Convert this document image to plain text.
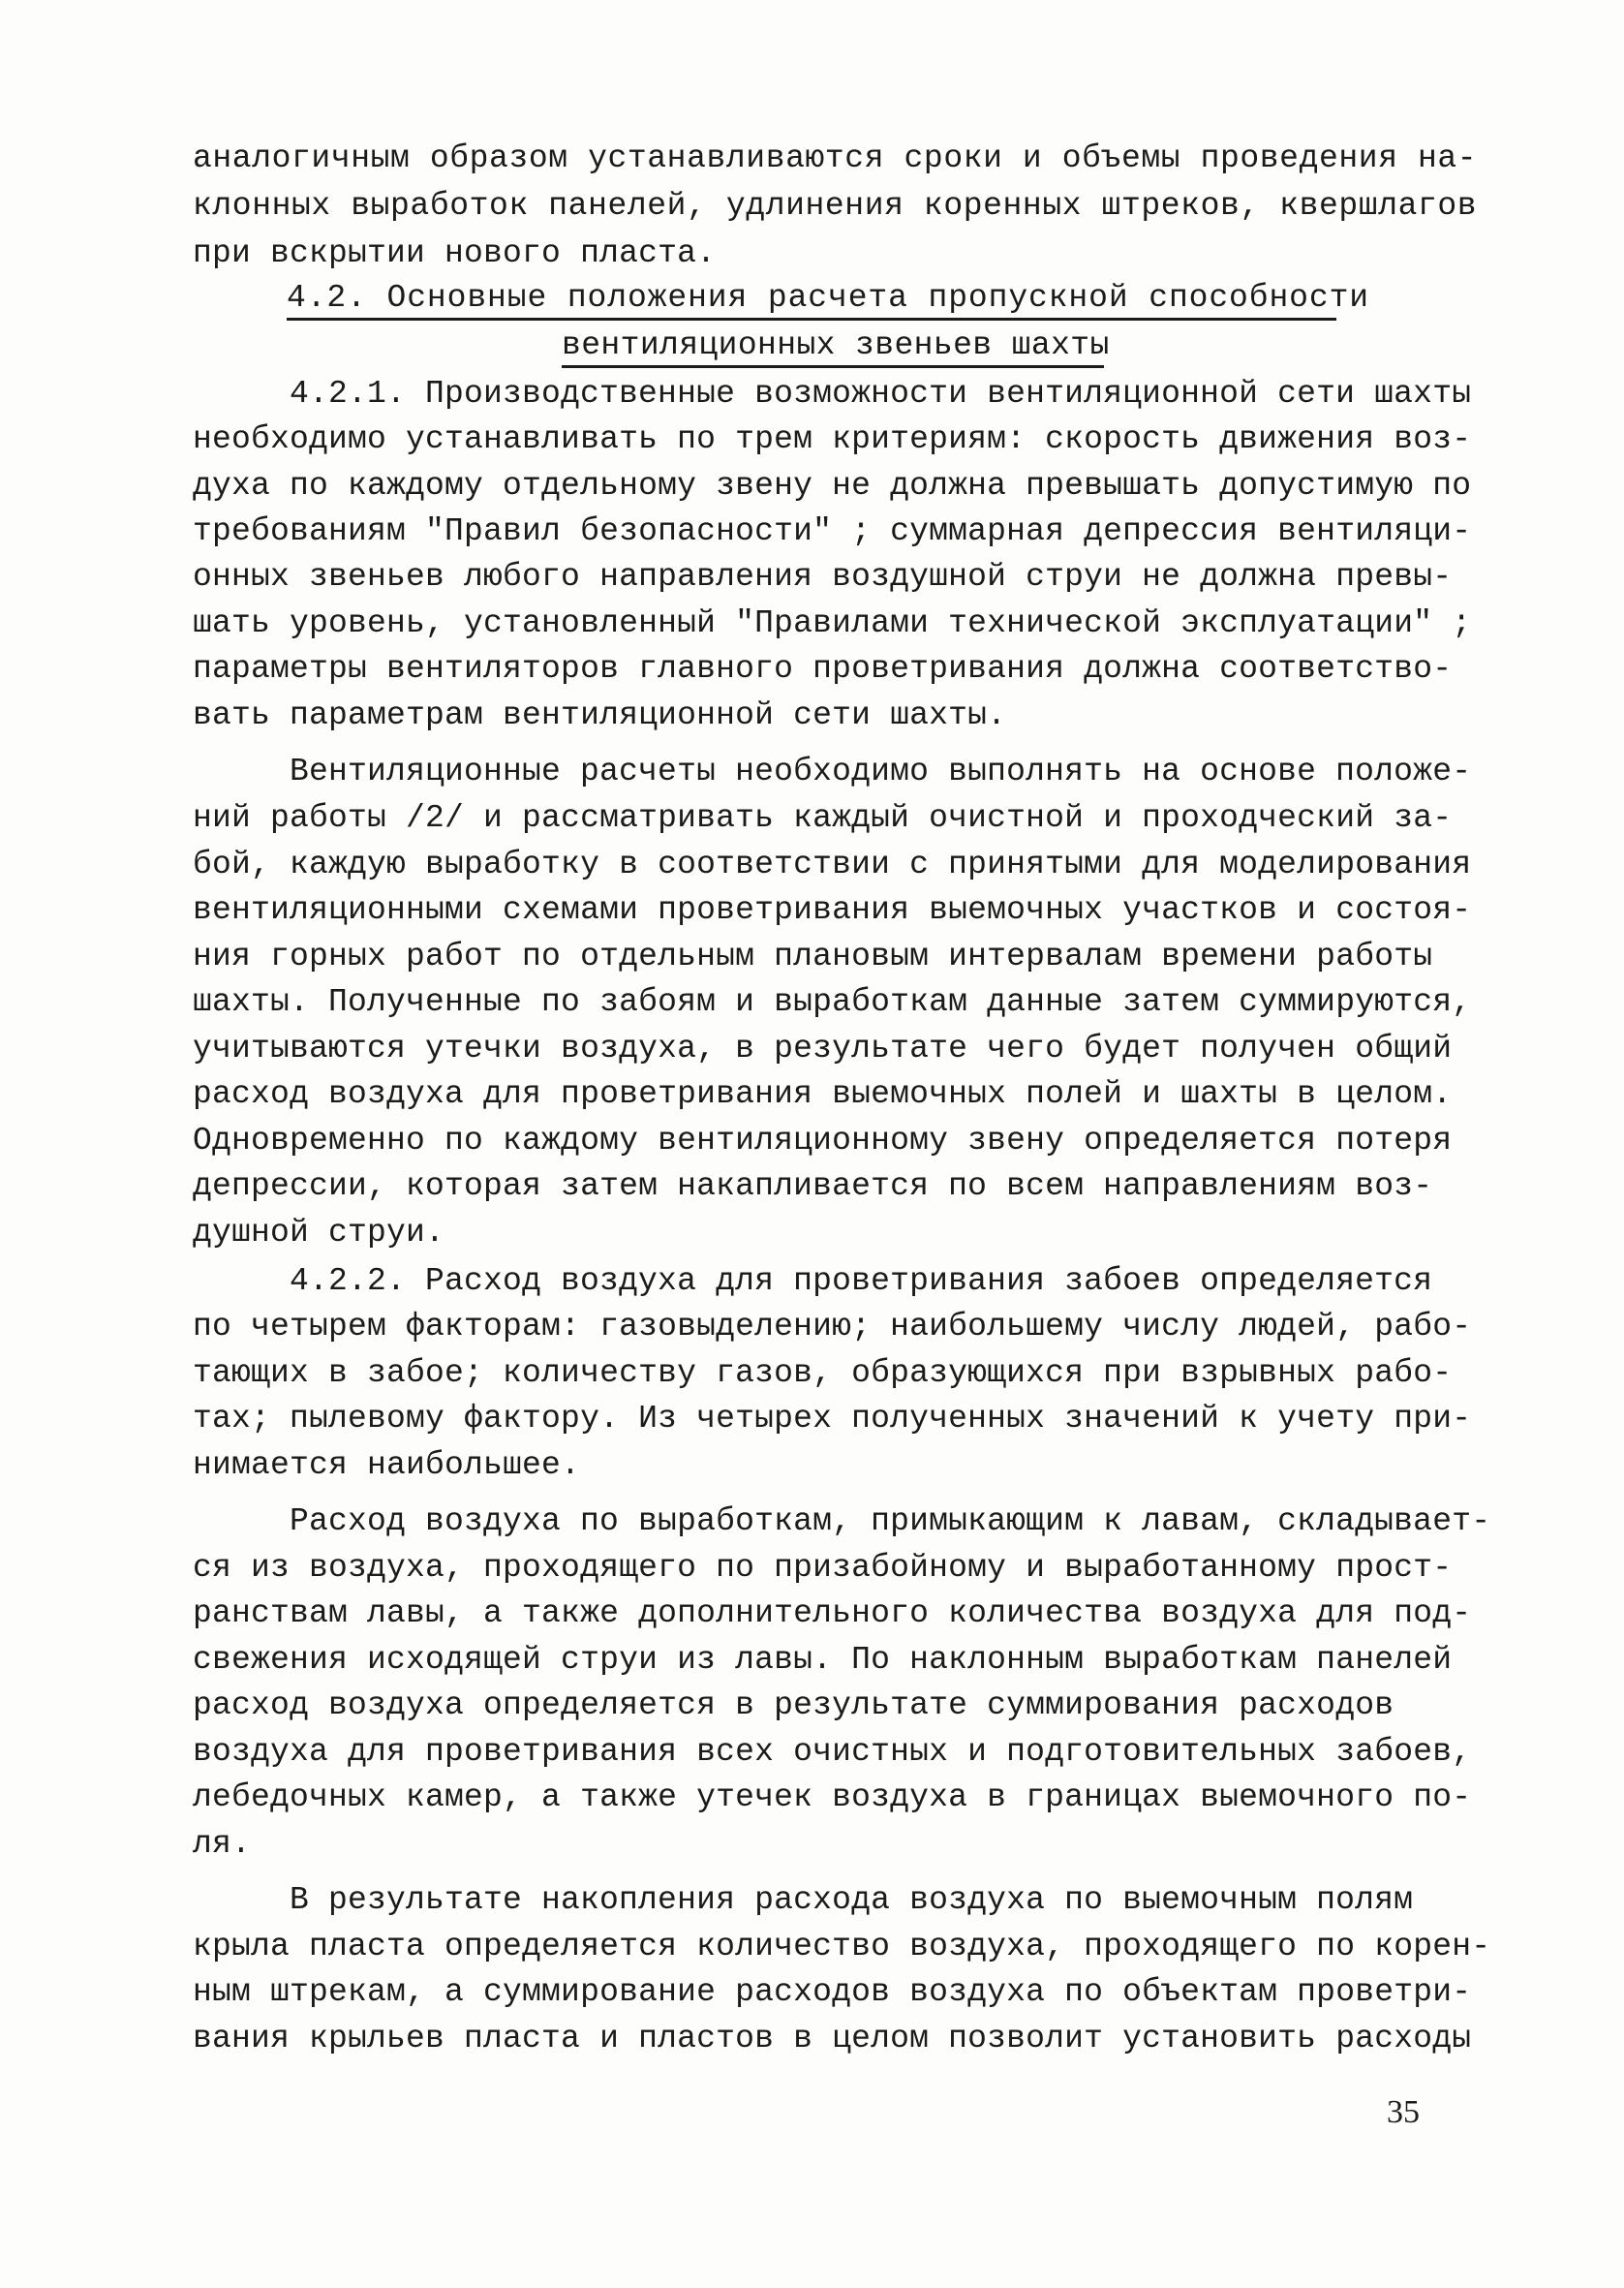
аналогичным образом устанавливаются сроки и объемы проведения на-
клонных выработок панелей, удлинения коренных штреков, квершлагов
при вскрытии нового пласта.
4.2. Основные положения расчета пропускной способности
вентиляционных звеньев шахты
4.2.1. Производственные возможности вентиляционной сети шахты
необходимо устанавливать по трем критериям: скорость движения воз-
духа по каждому отдельному звену не должна превышать допустимую по
требованиям "Правил безопасности" ; суммарная депрессия вентиляци-
онных звеньев любого направления воздушной струи не должна превы-
шать уровень, установленный "Правилами технической эксплуатации" ;
параметры вентиляторов главного проветривания должна соответство-
вать параметрам вентиляционной сети шахты.
Вентиляционные расчеты необходимо выполнять на основе положе-
ний работы /2/ и рассматривать каждый очистной и проходческий за-
бой, каждую выработку в соответствии с принятыми для моделирования
вентиляционными схемами проветривания выемочных участков и состоя-
ния горных работ по отдельным плановым интервалам времени работы
шахты. Полученные по забоям и выработкам данные затем суммируются,
учитываются утечки воздуха, в результате чего будет получен общий
расход воздуха для проветривания выемочных полей и шахты в целом.
Одновременно по каждому вентиляционному звену определяется потеря
депрессии, которая затем накапливается по всем направлениям воз-
душной струи.
4.2.2. Расход воздуха для проветривания забоев определяется
по четырем факторам: газовыделению; наибольшему числу людей, рабо-
тающих в забое; количеству газов, образующихся при взрывных рабо-
тах; пылевому фактору. Из четырех полученных значений к учету при-
нимается наибольшее.
Расход воздуха по выработкам, примыкающим к лавам, складывает-
ся из воздуха, проходящего по призабойному и выработанному прост-
ранствам лавы, а также дополнительного количества воздуха для под-
свежения исходящей струи из лавы. По наклонным выработкам панелей
расход воздуха определяется в результате суммирования расходов
воздуха для проветривания всех очистных и подготовительных забоев,
лебедочных камер, а также утечек воздуха в границах выемочного по-
ля.
В результате накопления расхода воздуха по выемочным полям
крыла пласта определяется количество воздуха, проходящего по корен-
ным штрекам, а суммирование расходов воздуха по объектам проветри-
вания крыльев пласта и пластов в целом позволит установить расходы
35
